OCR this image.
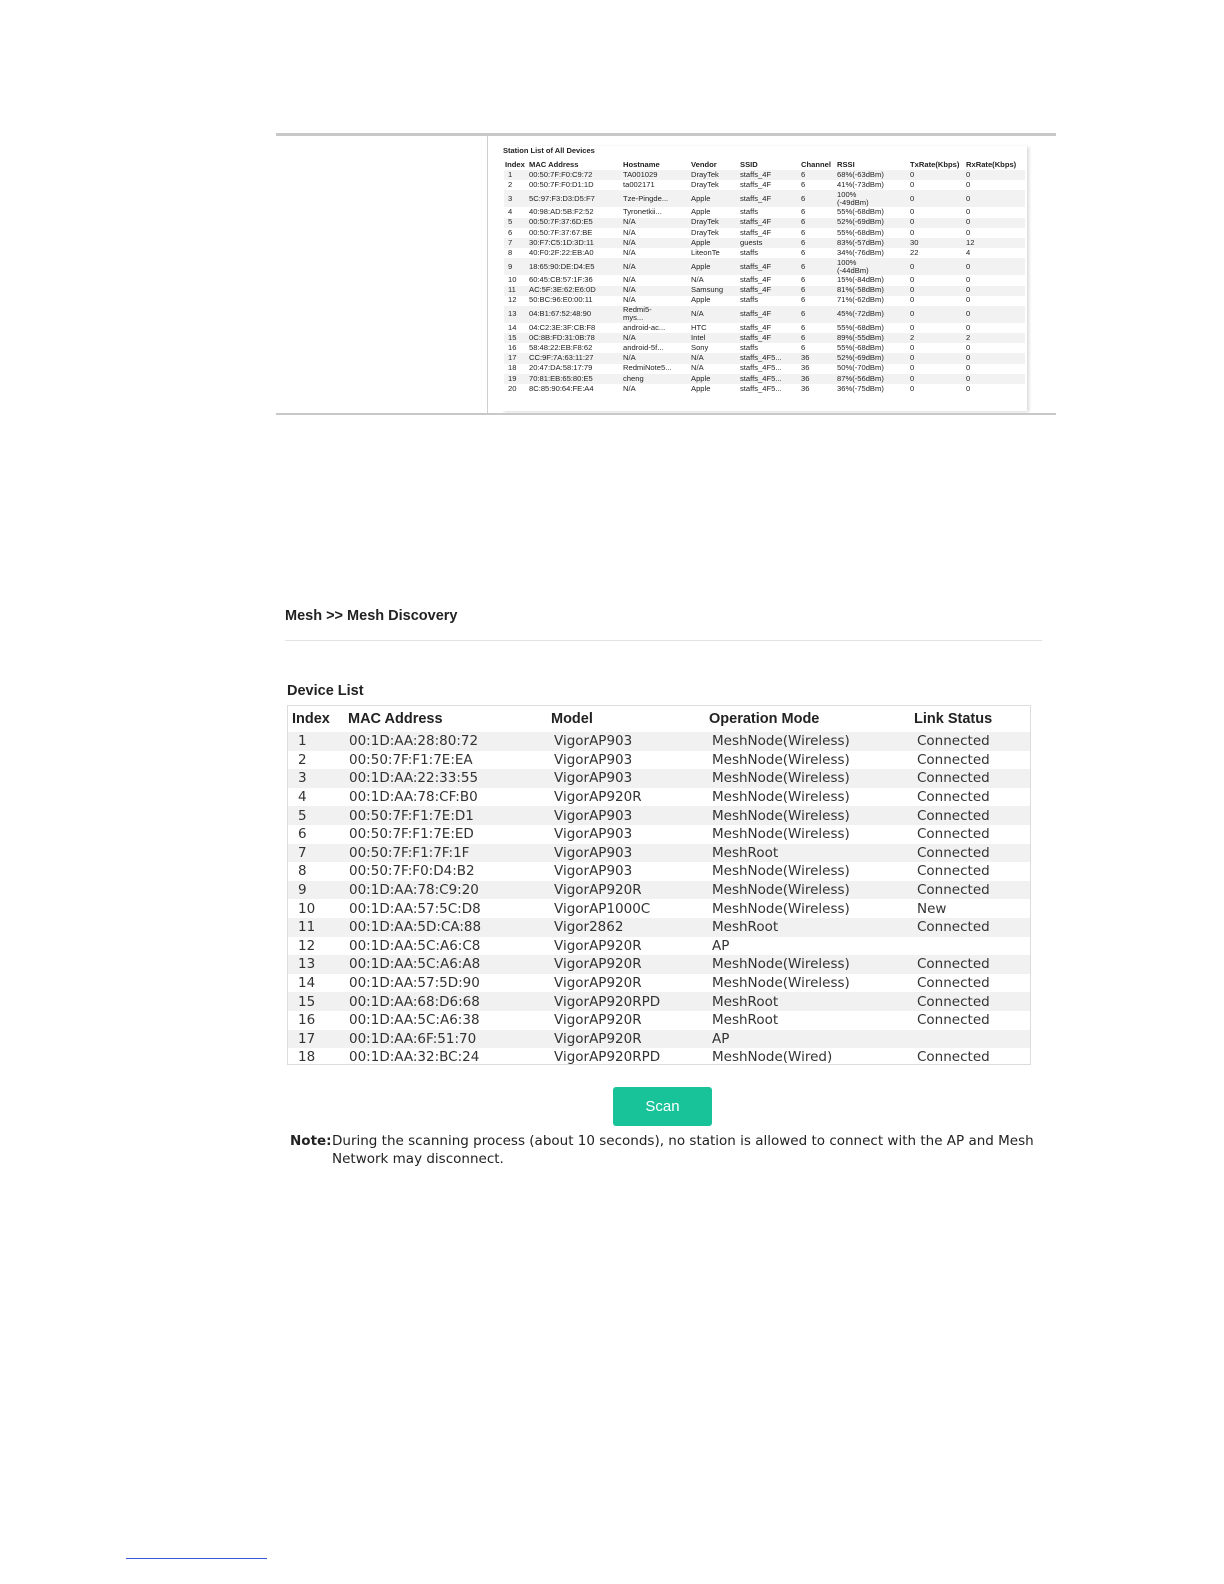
Station List of All Devices
Index	MAC Address	Hostname	Vendor	SSID	Channel	RSSI	TxRate(Kbps)	RxRate(Kbps)
1	00:50:7F:F0:C9:72	TA001029	DrayTek	staffs_4F	6	68%(-63dBm)	0	0
2	00:50:7F:F0:D1:1D	ta002171	DrayTek	staffs_4F	6	41%(-73dBm)	0	0
3	5C:97:F3:D3:D5:F7	Tze-Pingde...	Apple	staffs_4F	6	100%
(-49dBm)	0	0
4	40:98:AD:5B:F2:52	Tyronetkii...	Apple	staffs	6	55%(-68dBm)	0	0
5	00:50:7F:37:6D:E5	N/A	DrayTek	staffs_4F	6	52%(-69dBm)	0	0
6	00:50:7F:37:67:BE	N/A	DrayTek	staffs_4F	6	55%(-68dBm)	0	0
7	30:F7:C5:1D:3D:11	N/A	Apple	guests	6	83%(-57dBm)	30	12
8	40:F0:2F:22:EB:A0	N/A	LiteonTe	staffs	6	34%(-76dBm)	22	4
9	18:65:90:DE:D4:E5	N/A	Apple	staffs_4F	6	100%
(-44dBm)	0	0
10	60:45:CB:57:1F:36	N/A	N/A	staffs_4F	6	15%(-84dBm)	0	0
11	AC:5F:3E:62:E6:0D	N/A	Samsung	staffs_4F	6	81%(-58dBm)	0	0
12	50:BC:96:E0:00:11	N/A	Apple	staffs	6	71%(-62dBm)	0	0
13	04:B1:67:52:48:90	Redmi5-
mys...	N/A	staffs_4F	6	45%(-72dBm)	0	0
14	04:C2:3E:3F:CB:F8	android-ac...	HTC	staffs_4F	6	55%(-68dBm)	0	0
15	0C:8B:FD:31:0B:78	N/A	Intel	staffs_4F	6	89%(-55dBm)	2	2
16	58:48:22:EB:F8:62	android-5f...	Sony	staffs	6	55%(-68dBm)	0	0
17	CC:9F:7A:63:11:27	N/A	N/A	staffs_4F5...	36	52%(-69dBm)	0	0
18	20:47:DA:58:17:79	RedmiNote5...	N/A	staffs_4F5...	36	50%(-70dBm)	0	0
19	70:81:EB:65:80:E5	cheng	Apple	staffs_4F5...	36	87%(-56dBm)	0	0
20	8C:85:90:64:FE:A4	N/A	Apple	staffs_4F5...	36	36%(-75dBm)	0	0
Mesh >> Mesh Discovery
Device List
Index	MAC Address	Model	Operation Mode	Link Status
1	00:1D:AA:28:80:72	VigorAP903	MeshNode(Wireless)	Connected
2	00:50:7F:F1:7E:EA	VigorAP903	MeshNode(Wireless)	Connected
3	00:1D:AA:22:33:55	VigorAP903	MeshNode(Wireless)	Connected
4	00:1D:AA:78:CF:B0	VigorAP920R	MeshNode(Wireless)	Connected
5	00:50:7F:F1:7E:D1	VigorAP903	MeshNode(Wireless)	Connected
6	00:50:7F:F1:7E:ED	VigorAP903	MeshNode(Wireless)	Connected
7	00:50:7F:F1:7F:1F	VigorAP903	MeshRoot	Connected
8	00:50:7F:F0:D4:B2	VigorAP903	MeshNode(Wireless)	Connected
9	00:1D:AA:78:C9:20	VigorAP920R	MeshNode(Wireless)	Connected
10	00:1D:AA:57:5C:D8	VigorAP1000C	MeshNode(Wireless)	New
11	00:1D:AA:5D:CA:88	Vigor2862	MeshRoot	Connected
12	00:1D:AA:5C:A6:C8	VigorAP920R	AP	
13	00:1D:AA:5C:A6:A8	VigorAP920R	MeshNode(Wireless)	Connected
14	00:1D:AA:57:5D:90	VigorAP920R	MeshNode(Wireless)	Connected
15	00:1D:AA:68:D6:68	VigorAP920RPD	MeshRoot	Connected
16	00:1D:AA:5C:A6:38	VigorAP920R	MeshRoot	Connected
17	00:1D:AA:6F:51:70	VigorAP920R	AP	
18	00:1D:AA:32:BC:24	VigorAP920RPD	MeshNode(Wired)	Connected
Scan
Note: During the scanning process (about 10 seconds), no station is allowed to connect with the AP and Mesh Network may disconnect.
